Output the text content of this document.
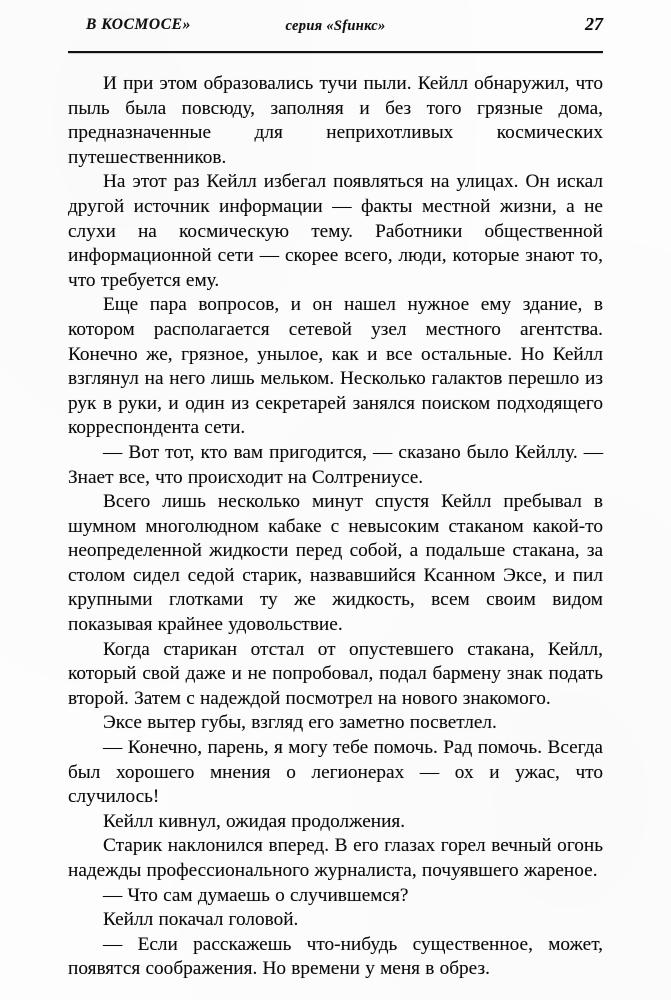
В КОСМОСЕ»	серия «Sfинкс»	27

И при этом образовались тучи пыли. Кейлл обнаружил, что пыль была повсюду, заполняя и без того грязные дома, предназначенные для неприхотливых космических путешественников.

На этот раз Кейлл избегал появляться на улицах. Он искал другой источник информации — факты местной жизни, а не слухи на космическую тему. Работники общественной информационной сети — скорее всего, люди, которые знают то, что требуется ему.

Еще пара вопросов, и он нашел нужное ему здание, в котором располагается сетевой узел местного агентства. Конечно же, грязное, унылое, как и все остальные. Но Кейлл взглянул на него лишь мельком. Несколько галактов перешло из рук в руки, и один из секретарей занялся поиском подходящего корреспондента сети.

— Вот тот, кто вам пригодится, — сказано было Кейллу. — Знает все, что происходит на Солтрениусе.

Всего лишь несколько минут спустя Кейлл пребывал в шумном многолюдном кабаке с невысоким стаканом какой-то неопределенной жидкости перед собой, а подальше стакана, за столом сидел седой старик, назвавшийся Ксанном Эксе, и пил крупными глотками ту же жидкость, всем своим видом показывая крайнее удовольствие.

Когда старикан отстал от опустевшего стакана, Кейлл, который свой даже и не попробовал, подал бармену знак подать второй. Затем с надеждой посмотрел на нового знакомого.

Эксе вытер губы, взгляд его заметно посветлел.

— Конечно, парень, я могу тебе помочь. Рад помочь. Всегда был хорошего мнения о легионерах — ох и ужас, что случилось!

Кейлл кивнул, ожидая продолжения.

Старик наклонился вперед. В его глазах горел вечный огонь надежды профессионального журналиста, почуявшего жареное.

— Что сам думаешь о случившемся?

Кейлл покачал головой.

— Если расскажешь что-нибудь существенное, может, появятся соображения. Но времени у меня в обрез.
